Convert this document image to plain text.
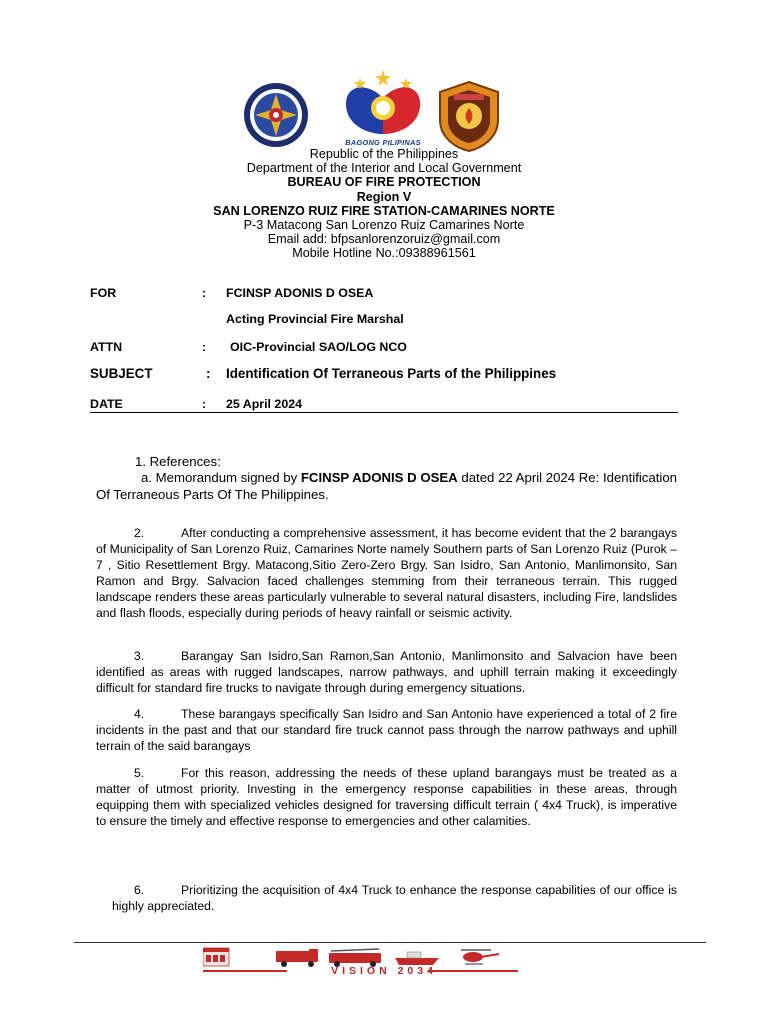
BAGONG PILIPINAS
Republic of the Philippines
Department of the Interior and Local Government
BUREAU OF FIRE PROTECTION
Region V
SAN LORENZO RUIZ FIRE STATION-CAMARINES NORTE
P-3 Matacong San Lorenzo Ruiz Camarines Norte
Email add: bfpsanlorenzoruiz@gmail.com
Mobile Hotline No.:09388961561
FOR	: FCINSP ADONIS D OSEA
Acting Provincial Fire Marshal
ATTN	: OIC-Provincial SAO/LOG NCO
SUBJECT	: Identification Of Terraneous Parts of the Philippines
DATE	: 25 April 2024
1. References:
a. Memorandum signed by FCINSP ADONIS D OSEA dated 22 April 2024 Re: Identification Of Terraneous Parts Of The Philippines.
2.	After conducting a comprehensive assessment, it has become evident that the 2 barangays of Municipality of San Lorenzo Ruiz, Camarines Norte namely Southern parts of San Lorenzo Ruiz (Purok – 7 , Sitio Resettlement Brgy. Matacong,Sitio Zero-Zero Brgy. San Isidro, San Antonio, Manlimonsito, San Ramon and Brgy. Salvacion faced challenges stemming from their terraneous terrain. This rugged landscape renders these areas particularly vulnerable to several natural disasters, including Fire, landslides and flash floods, especially during periods of heavy rainfall or seismic activity.
3.	Barangay San Isidro,San Ramon,San Antonio, Manlimonsito and Salvacion have been identified as areas with rugged landscapes, narrow pathways, and uphill terrain making it exceedingly difficult for standard fire trucks to navigate through during emergency situations.
4.	These barangays specifically San Isidro and San Antonio have experienced a total of 2 fire incidents in the past and that our standard fire truck cannot pass through the narrow pathways and uphill terrain of the said barangays
5.	For this reason, addressing the needs of these upland barangays must be treated as a matter of utmost priority. Investing in the emergency response capabilities in these areas, through equipping them with specialized vehicles designed for traversing difficult terrain ( 4x4 Truck), is imperative to ensure the timely and effective response to emergencies and other calamities.
6.	Prioritizing the acquisition of 4x4 Truck to enhance the response capabilities of our office is highly appreciated.
VISION 2034
